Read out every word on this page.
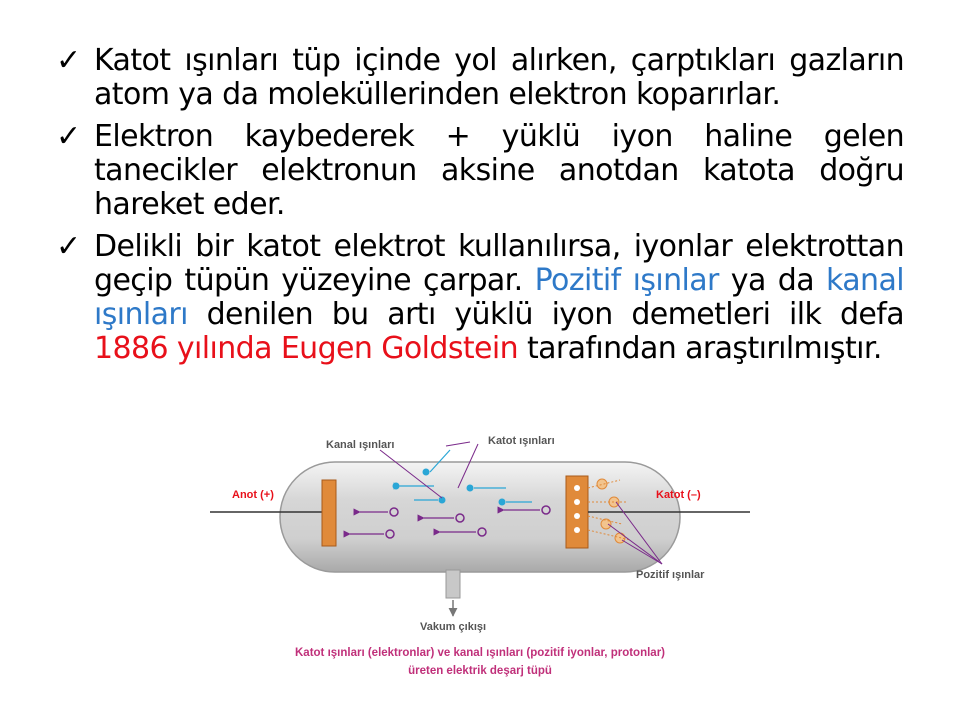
✓ Katot ışınları tüp içinde yol alırken, çarptıkları gazların atom ya da moleküllerinden elektron koparırlar.
✓ Elektron kaybederek + yüklü iyon haline gelen tanecikler elektronun aksine anotdan katota doğru hareket eder.
✓ Delikli bir katot elektrot kullanılırsa, iyonlar elektrottan geçip tüpün yüzeyine çarpar. Pozitif ışınlar ya da kanal ışınları denilen bu artı yüklü iyon demetleri ilk defa 1886 yılında Eugen Goldstein tarafından araştırılmıştır.
Kanal ışınları	Katot ışınları
Anot (+)	Katot (–)
Pozitif ışınlar
Vakum çıkışı
Katot ışınları (elektronlar) ve kanal ışınları (pozitif iyonlar, protonlar)
üreten elektrik deşarj tüpü
